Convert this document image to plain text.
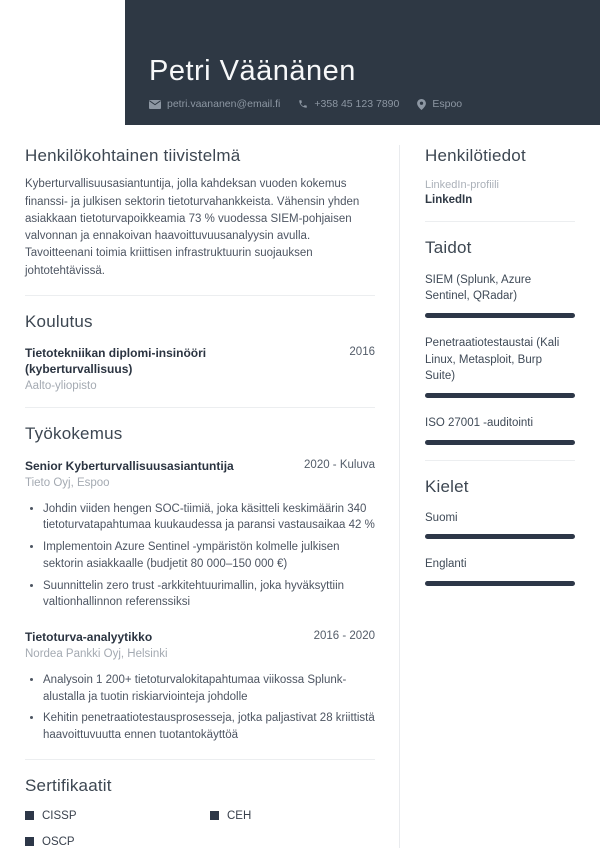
Petri Väänänen
petri.vaananen@email.fi	+358 45 123 7890	Espoo
Henkilökohtainen tiivistelmä

Kyberturvallisuusasiantuntija, jolla kahdeksan vuoden kokemus finanssi- ja julkisen sektorin tietoturvahankkeista. Vähensin yhden asiakkaan tietoturvapoikkeamia 73 % vuodessa SIEM-pohjaisen valvonnan ja ennakoivan haavoittuvuusanalyysin avulla. Tavoitteenani toimia kriittisen infrastruktuurin suojauksen johtotehtävissä.

Koulutus
Tietotekniikan diplomi-insinööri (kyberturvallisuus)
2016
Aalto-yliopisto
Työkokemus
Senior Kyberturvallisuusasiantuntija	2020 - Kuluva
Tieto Oyj, Espoo
• Johdin viiden hengen SOC-tiimiä, joka käsitteli keskimäärin 340 tietoturvatapahtumaa kuukaudessa ja paransi vastausaikaa 42 %
• Implementoin Azure Sentinel -ympäristön kolmelle julkisen sektorin asiakkaalle (budjetit 80 000–150 000 €)
• Suunnittelin zero trust -arkkitehtuurimallin, joka hyväksyttiin valtionhallinnon referenssiksi
Tietoturva-analyytikko	2016 - 2020
Nordea Pankki Oyj, Helsinki
• Analysoin 1 200+ tietoturvalokitapahtumaa viikossa Splunk-alustalla ja tuotin riskiarviointeja johdolle
• Kehitin penetraatiotestausprosesseja, jotka paljastivat 28 kriittistä haavoittuvuutta ennen tuotantokäyttöä
Sertifikaatit
CISSP	CEH
OSCP
Henkilötiedot
LinkedIn-profiili
LinkedIn
Taidot
SIEM (Splunk, Azure Sentinel, QRadar)
Penetraatiotestaustai (Kali Linux, Metasploit, Burp Suite)
ISO 27001 -auditointi
Kielet
Suomi
Englanti
